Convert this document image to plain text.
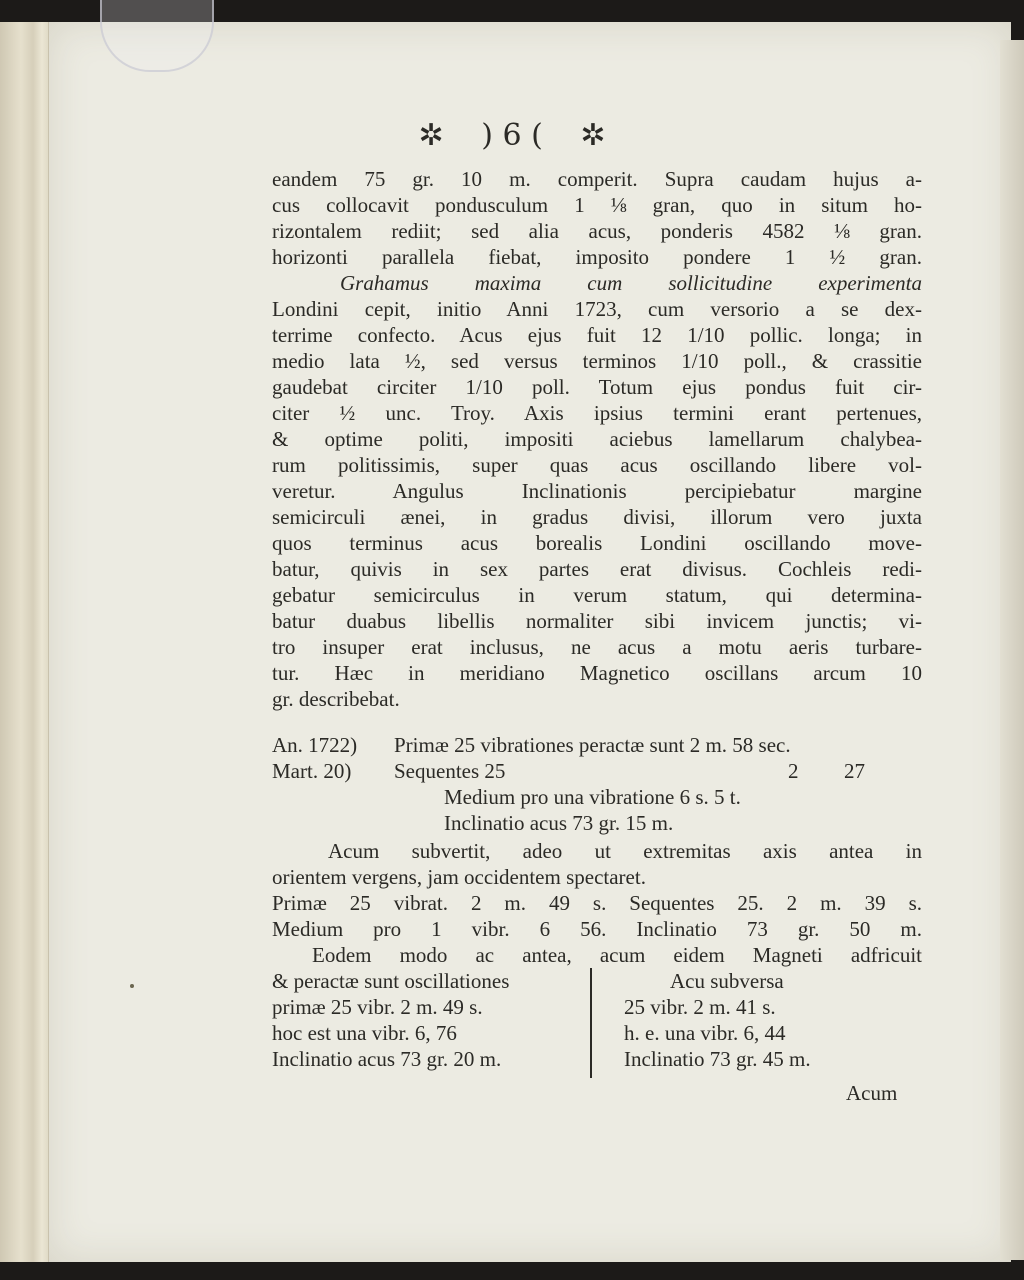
✲ ) 6 ( ✲
eandem 75 gr. 10 m. comperit. Supra caudam hujus a-
cus collocavit pondusculum 1 ⅛ gran, quo in situm ho-
rizontalem rediit; sed alia acus, ponderis 4582 ⅛ gran.
horizonti parallela fiebat, imposito pondere 1 ½ gran.
Grahamus maxima cum sollicitudine experimenta
Londini cepit, initio Anni 1723, cum versorio a se dex-
terrime confecto. Acus ejus fuit 12 1/10 pollic. longa; in
medio lata ½, sed versus terminos 1/10 poll., & crassitie
gaudebat circiter 1/10 poll. Totum ejus pondus fuit cir-
citer ½ unc. Troy. Axis ipsius termini erant pertenues,
& optime politi, impositi aciebus lamellarum chalybea-
rum politissimis, super quas acus oscillando libere vol-
veretur. Angulus Inclinationis percipiebatur margine
semicirculi ænei, in gradus divisi, illorum vero juxta
quos terminus acus borealis Londini oscillando move-
batur, quivis in sex partes erat divisus. Cochleis redi-
gebatur semicirculus in verum statum, qui determina-
batur duabus libellis normaliter sibi invicem junctis; vi-
tro insuper erat inclusus, ne acus a motu aeris turbare-
tur. Hæc in meridiano Magnetico oscillans arcum 10
gr. describebat.
An. 1722) Primæ 25 vibrationes peractæ sunt 2 m. 58 sec.
Mart. 20) Sequentes 25	2 27
Medium pro una vibratione 6 s. 5 t.
Inclinatio acus 73 gr. 15 m.
Acum subvertit, adeo ut extremitas axis antea in
orientem vergens, jam occidentem spectaret.
Primæ 25 vibrat. 2 m. 49 s. Sequentes 25. 2 m. 39 s.
Medium pro 1 vibr. 6 56. Inclinatio 73 gr. 50 m.
Eodem modo ac antea, acum eidem Magneti adfricuit
& peractæ sunt oscillationes
primæ 25 vibr. 2 m. 49 s.
hoc est una vibr. 6, 76
Inclinatio acus 73 gr. 20 m.
Acu subversa
25 vibr. 2 m. 41 s.
h. e. una vibr. 6, 44
Inclinatio 73 gr. 45 m.
Acum
